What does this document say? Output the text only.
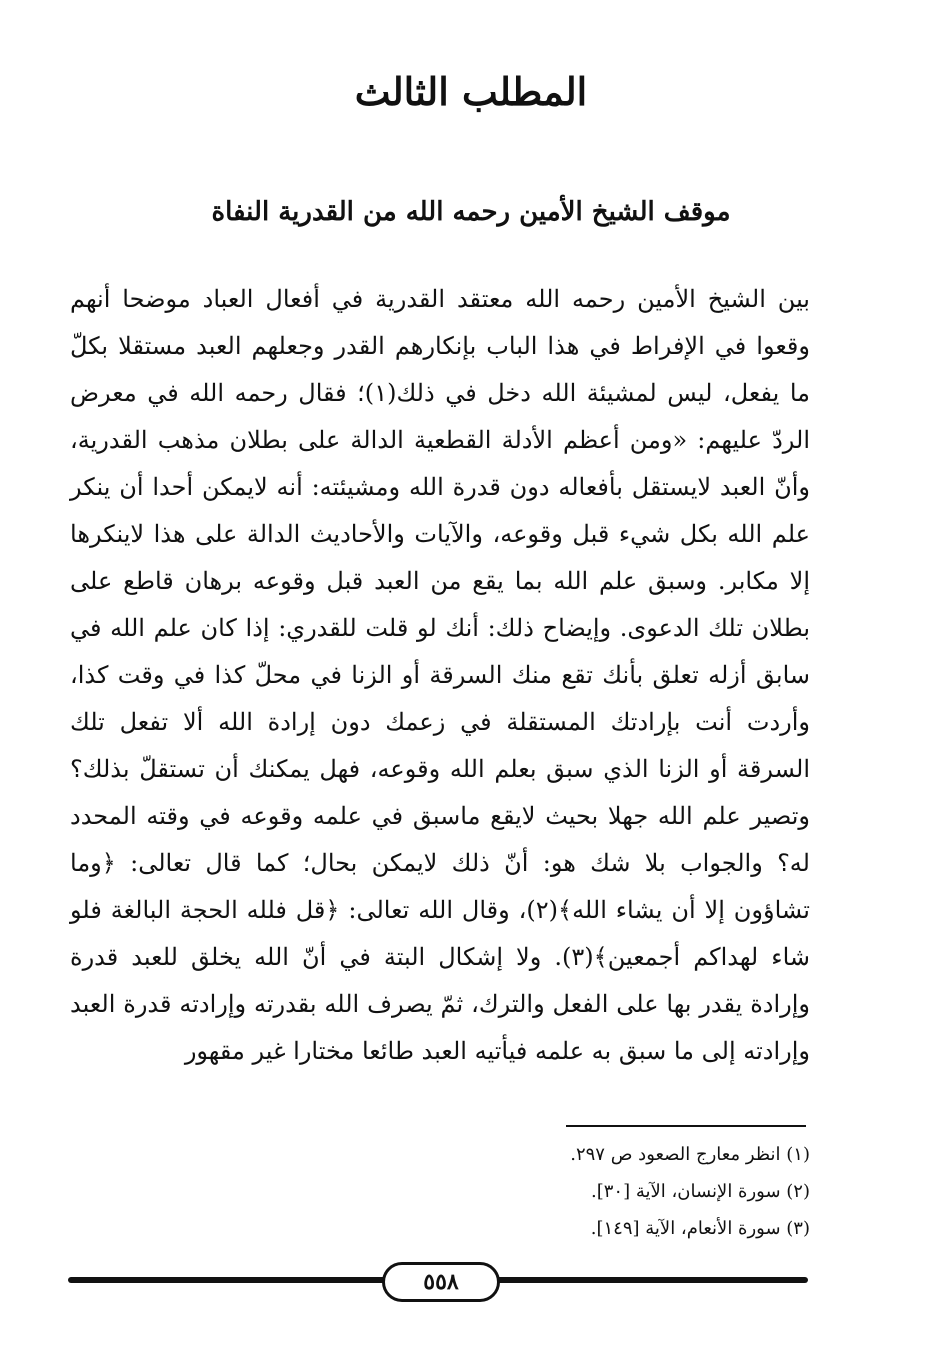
المطلب الثالث
موقف الشيخ الأمين رحمه الله من القدرية النفاة

بين الشيخ الأمين رحمه الله معتقد القدرية في أفعال العباد موضحا أنهم وقعوا في الإفراط في هذا الباب بإنكارهم القدر وجعلهم العبد مستقلا بكلّ ما يفعل، ليس لمشيئة الله دخل في ذلك(١)؛ فقال رحمه الله في معرض الردّ عليهم: «ومن أعظم الأدلة القطعية الدالة على بطلان مذهب القدرية، وأنّ العبد لايستقل بأفعاله دون قدرة الله ومشيئته: أنه لايمكن أحدا أن ينكر علم الله بكل شيء قبل وقوعه، والآيات والأحاديث الدالة على هذا لاينكرها إلا مكابر. وسبق علم الله بما يقع من العبد قبل وقوعه برهان قاطع على بطلان تلك الدعوى. وإيضاح ذلك: أنك لو قلت للقدري: إذا كان علم الله في سابق أزله تعلق بأنك تقع منك السرقة أو الزنا في محلّ كذا في وقت كذا، وأردت أنت بإرادتك المستقلة في زعمك دون إرادة الله ألا تفعل تلك السرقة أو الزنا الذي سبق بعلم الله وقوعه، فهل يمكنك أن تستقلّ بذلك؟ وتصير علم الله جهلا بحيث لايقع ماسبق في علمه وقوعه في وقته المحدد له؟ والجواب بلا شك هو: أنّ ذلك لايمكن بحال؛ كما قال تعالى: ﴿وما تشاؤون إلا أن يشاء الله﴾(٢)، وقال الله تعالى: ﴿قل فلله الحجة البالغة فلو شاء لهداكم أجمعين﴾(٣). ولا إشكال البتة في أنّ الله يخلق للعبد قدرة وإرادة يقدر بها على الفعل والترك، ثمّ يصرف الله بقدرته وإرادته قدرة العبد وإرادته إلى ما سبق به علمه فيأتيه العبد طائعا مختارا غير مقهور

(١) انظر معارج الصعود ص ٢٩٧.
(٢) سورة الإنسان، الآية [٣٠].
(٣) سورة الأنعام، الآية [١٤٩].
٥٥٨
